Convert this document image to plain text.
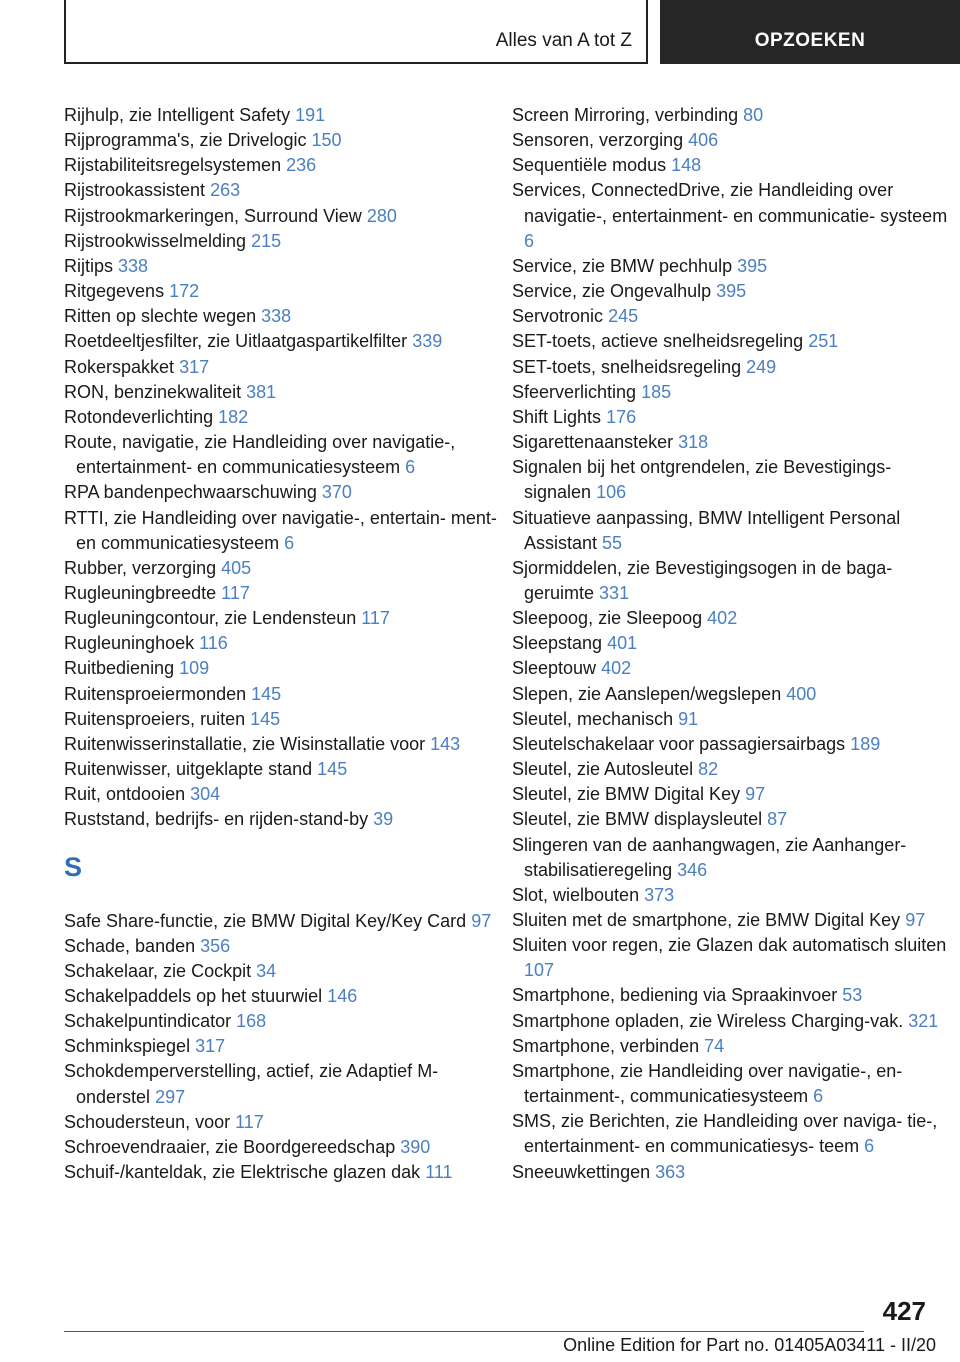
Alles van A tot Z	OPZOEKEN
Rijhulp, zie Intelligent Safety 191
Rijprogramma's, zie Drivelogic 150
Rijstabiliteitsregelsystemen 236
Rijstrookassistent 263
Rijstrookmarkeringen, Surround View 280
Rijstrookwisselmelding 215
Rijtips 338
Ritgegevens 172
Ritten op slechte wegen 338
Roetdeeltjesfilter, zie Uitlaatgaspartikelfilter 339
Rokerspakket 317
RON, benzinekwaliteit 381
Rotondeverlichting 182
Route, navigatie, zie Handleiding over navigatie-, entertainment- en communicatiesysteem 6
RPA bandenpechwaarschuwing 370
RTTI, zie Handleiding over navigatie-, entertain‐ ment- en communicatiesysteem 6
Rubber, verzorging 405
Rugleuningbreedte 117
Rugleuningcontour, zie Lendensteun 117
Rugleuninghoek 116
Ruitbediening 109
Ruitensproeiermonden 145
Ruitensproeiers, ruiten 145
Ruitenwisserinstallatie, zie Wisinstallatie voor 143
Ruitenwisser, uitgeklapte stand 145
Ruit, ontdooien 304
Ruststand, bedrijfs- en rijden-stand-by 39
S
Safe Share-functie, zie BMW Digital Key/Key Card 97
Schade, banden 356
Schakelaar, zie Cockpit 34
Schakelpaddels op het stuurwiel 146
Schakelpuntindicator 168
Schminkspiegel 317
Schokdemperverstelling, actief, zie Adaptief M-onderstel 297
Schoudersteun, voor 117
Schroevendraaier, zie Boordgereedschap 390
Schuif-/kanteldak, zie Elektrische glazen dak 111
Screen Mirroring, verbinding 80
Sensoren, verzorging 406
Sequentiële modus 148
Services, ConnectedDrive, zie Handleiding over navigatie-, entertainment- en communicatie‐ systeem 6
Service, zie BMW pechhulp 395
Service, zie Ongevalhulp 395
Servotronic 245
SET-toets, actieve snelheidsregeling 251
SET-toets, snelheidsregeling 249
Sfeerverlichting 185
Shift Lights 176
Sigarettenaansteker 318
Signalen bij het ontgrendelen, zie Bevestigings‐ signalen 106
Situatieve aanpassing, BMW Intelligent Personal Assistant 55
Sjormiddelen, zie Bevestigingsogen in de baga‐ geruimte 331
Sleepoog, zie Sleepoog 402
Sleepstang 401
Sleeptouw 402
Slepen, zie Aanslepen/wegslepen 400
Sleutel, mechanisch 91
Sleutelschakelaar voor passagiersairbags 189
Sleutel, zie Autosleutel 82
Sleutel, zie BMW Digital Key 97
Sleutel, zie BMW displaysleutel 87
Slingeren van de aanhangwagen, zie Aanhanger‐ stabilisatieregeling 346
Slot, wielbouten 373
Sluiten met de smartphone, zie BMW Digital Key 97
Sluiten voor regen, zie Glazen dak automatisch sluiten 107
Smartphone, bediening via Spraakinvoer 53
Smartphone opladen, zie Wireless Charging-vak. 321
Smartphone, verbinden 74
Smartphone, zie Handleiding over navigatie-, en‐ tertainment-, communicatiesysteem 6
SMS, zie Berichten, zie Handleiding over naviga‐ tie-, entertainment- en communicatiesys‐ teem 6
Sneeuwkettingen 363
427
Online Edition for Part no. 01405A03411 - II/20
